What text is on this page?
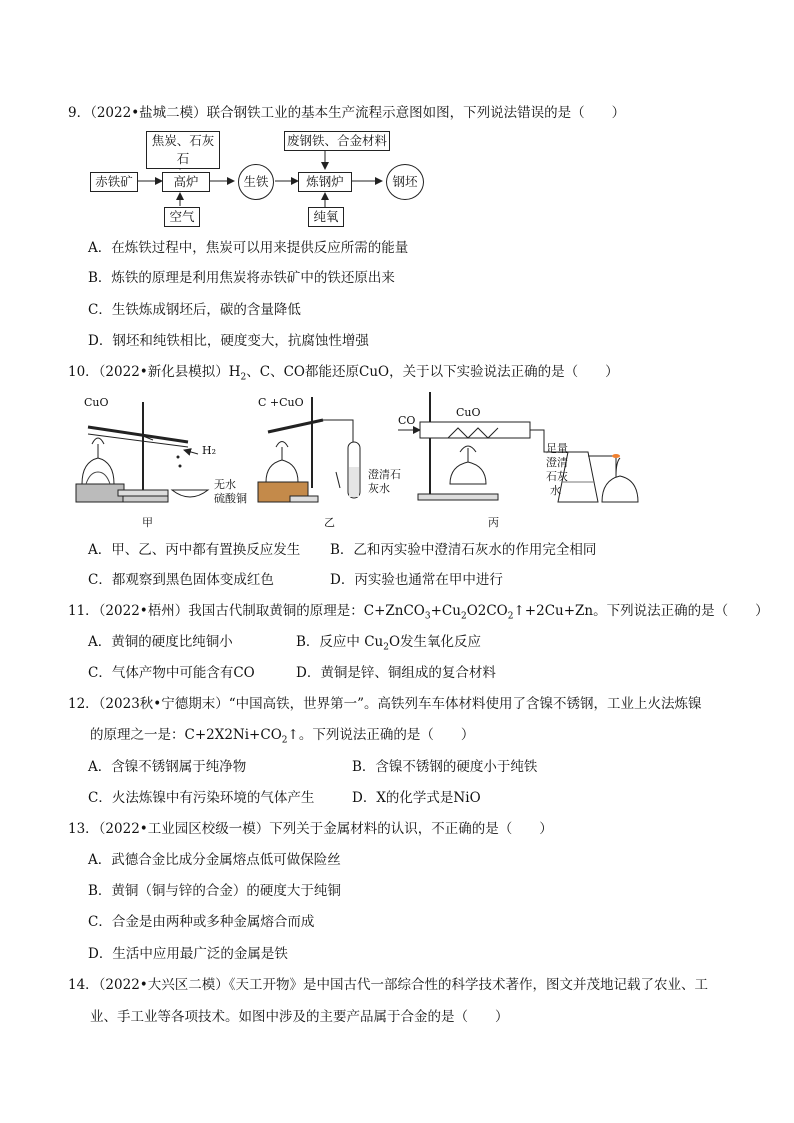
9．（2022•盐城二模）联合钢铁工业的基本生产流程示意图如图，下列说法错误的是（　　）
焦炭、石灰石
赤铁矿	高炉
空气
生铁
废钢铁、合金材料
炼钢炉
纯氧
钢坯
A．在炼铁过程中，焦炭可以用来提供反应所需的能量
B．炼铁的原理是利用焦炭将赤铁矿中的铁还原出来
C．生铁炼成钢坯后，碳的含量降低
D．钢坯和纯铁相比，硬度变大，抗腐蚀性增强
10．（2022•新化县模拟）$H_2$、C、CO都能还原CuO，关于以下实验说法正确的是（　　）
CuO
H₂
无水
硫酸铜
甲
C +CuO
澄清石
灰水
乙
CO
CuO
足量
澄清
石灰
水
丙
A．甲、乙、丙中都有置换反应发生 B．乙和丙实验中澄清石灰水的作用完全相同
C．都观察到黑色固体变成红色	D．丙实验也通常在甲中进行
11．（2022•梧州）我国古代制取黄铜的原理是：$C+ZnCO_3+Cu_2O2CO_2↑+2Cu+Zn$。下列说法正确的是（　　）
A．黄铜的硬度比纯铜小	B．反应中 $Cu_2O$发生氧化反应
C．气体产物中可能含有CO	D．黄铜是锌、铜组成的复合材料
12．（2023秋•宁德期末）“中国高铁，世界第一”。高铁列车车体材料使用了含镍不锈钢，工业上火法炼镍
的原理之一是：$C+2X2Ni+CO_2↑$。下列说法正确的是（　　）
A．含镍不锈钢属于纯净物	B．含镍不锈钢的硬度小于纯铁
C．火法炼镍中有污染环境的气体产生	D．X的化学式是NiO
13．（2022•工业园区校级一模）下列关于金属材料的认识，不正确的是（　　）
A．武德合金比成分金属熔点低可做保险丝
B．黄铜（铜与锌的合金）的硬度大于纯铜
C．合金是由两种或多种金属熔合而成
D．生活中应用最广泛的金属是铁
14．（2022•大兴区二模）《天工开物》是中国古代一部综合性的科学技术著作，图文并茂地记载了农业、工
业、手工业等各项技术。如图中涉及的主要产品属于合金的是（　　）
